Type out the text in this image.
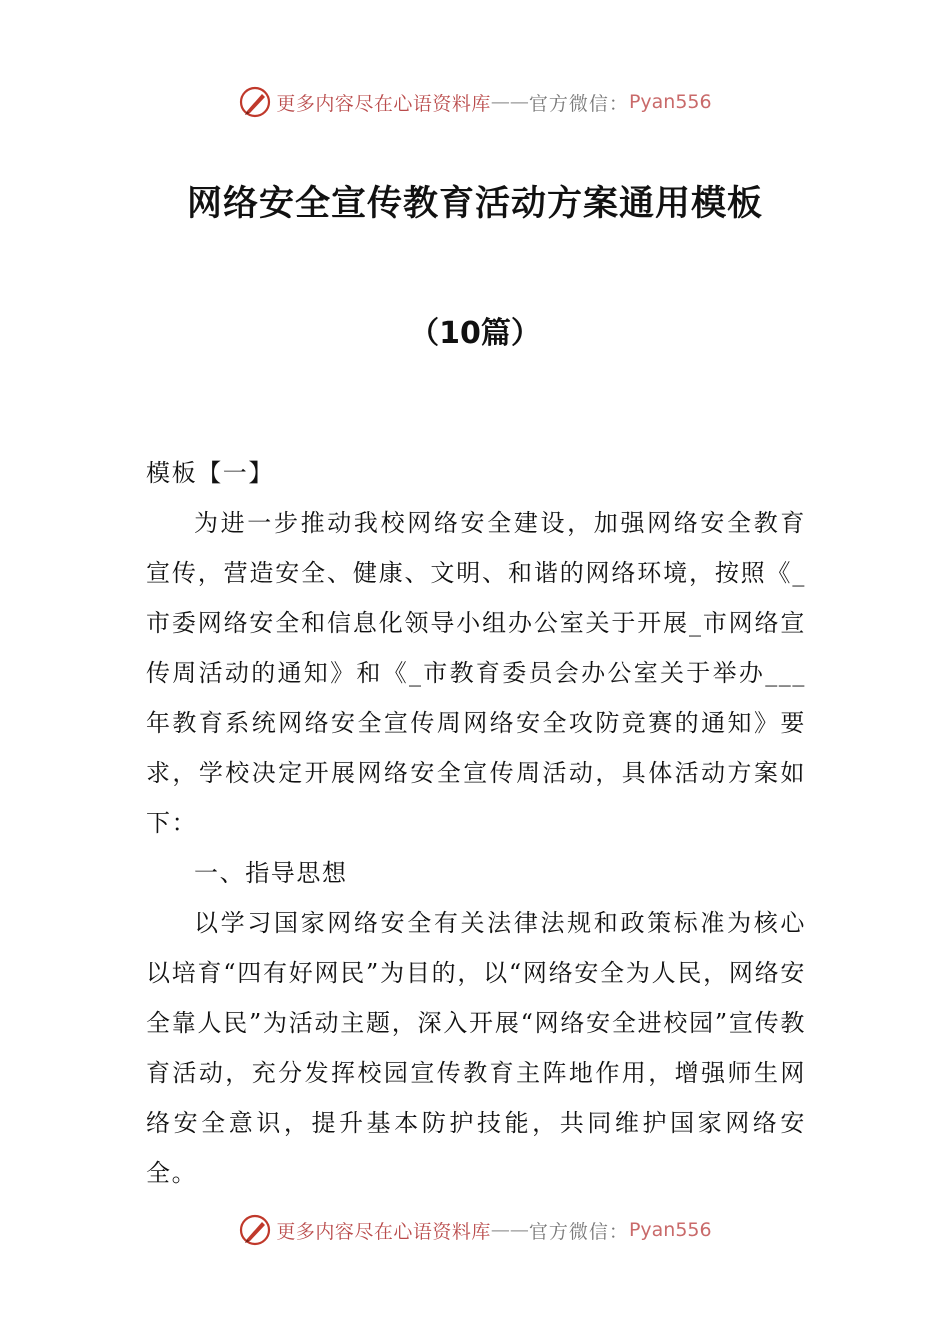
更多内容尽在心语资料库 —— 官方微信： Pyan556
网络安全宣传教育活动方案通用模板
（10篇）

模板【一】

为进一步推动我校网络安全建设，加强网络安全教育宣传，营造安全、健康、文明、和谐的网络环境，按照《_市委网络安全和信息化领导小组办公室关于开展_市网络宣传周活动的通知》和《_市教育委员会办公室关于举办___年教育系统网络安全宣传周网络安全攻防竞赛的通知》要求，学校决定开展网络安全宣传周活动，具体活动方案如下：

一、指导思想

以学习国家网络安全有关法律法规和政策标准为核心以培育“四有好网民”为目的，以“网络安全为人民，网络安全靠人民”为活动主题，深入开展“网络安全进校园”宣传教育活动，充分发挥校园宣传教育主阵地作用，增强师生网络安全意识，提升基本防护技能，共同维护国家网络安全。

更多内容尽在心语资料库 —— 官方微信： Pyan556
